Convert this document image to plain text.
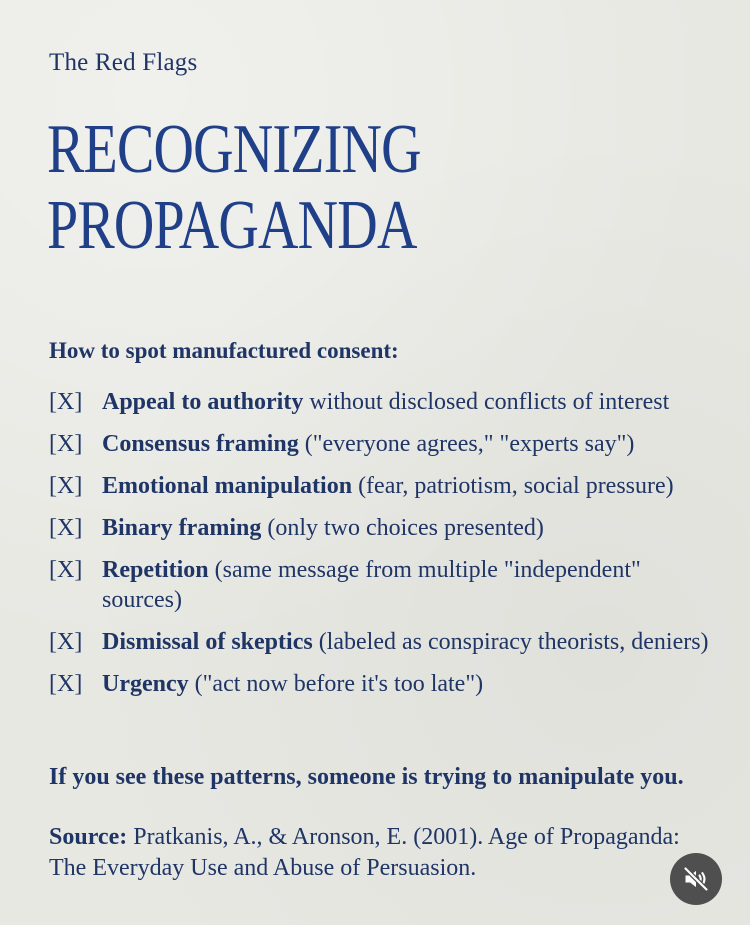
The Red Flags
RECOGNIZING
PROPAGANDA
How to spot manufactured consent:
[X] Appeal to authority without disclosed conflicts of interest
[X] Consensus framing ("everyone agrees," "experts say")
[X] Emotional manipulation (fear, patriotism, social pressure)
[X] Binary framing (only two choices presented)
[X] Repetition (same message from multiple "independent" sources)
[X] Dismissal of skeptics (labeled as conspiracy theorists, deniers)
[X] Urgency ("act now before it's too late")
If you see these patterns, someone is trying to manipulate you.
Source: Pratkanis, A., & Aronson, E. (2001). Age of Propaganda: The Everyday Use and Abuse of Persuasion.
